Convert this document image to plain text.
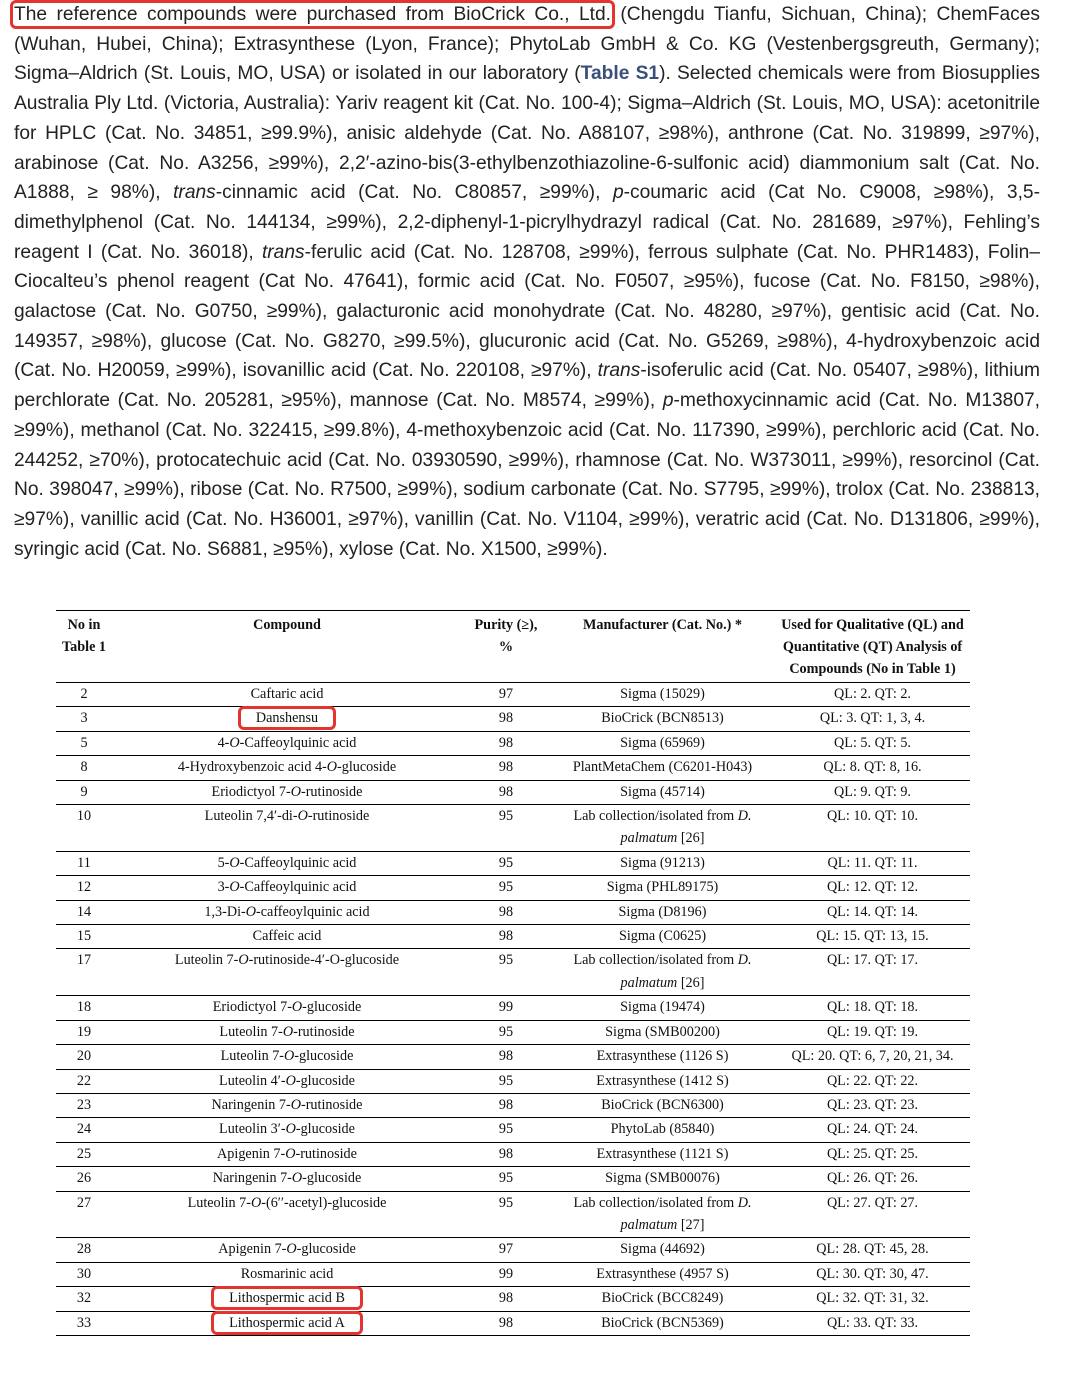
The reference compounds were purchased from BioCrick Co., Ltd. (Chengdu Tianfu, Sichuan, China); ChemFaces (Wuhan, Hubei, China); Extrasynthese (Lyon, France); PhytoLab GmbH & Co. KG (Vestenbergsgreuth, Germany); Sigma–Aldrich (St. Louis, MO, USA) or isolated in our laboratory (Table S1). Selected chemicals were from Biosupplies Australia Ply Ltd. (Victoria, Australia): Yariv reagent kit (Cat. No. 100-4); Sigma–Aldrich (St. Louis, MO, USA): acetonitrile for HPLC (Cat. No. 34851, ≥99.9%), anisic aldehyde (Cat. No. A88107, ≥98%), anthrone (Cat. No. 319899, ≥97%), arabinose (Cat. No. A3256, ≥99%), 2,2′-azino-bis(3-ethylbenzothiazoline-6-sulfonic acid) diammonium salt (Cat. No. A1888, ≥ 98%), trans-cinnamic acid (Cat. No. C80857, ≥99%), p-coumaric acid (Cat No. C9008, ≥98%), 3,5-dimethylphenol (Cat. No. 144134, ≥99%), 2,2-diphenyl-1-picrylhydrazyl radical (Cat. No. 281689, ≥97%), Fehling’s reagent I (Cat. No. 36018), trans-ferulic acid (Cat. No. 128708, ≥99%), ferrous sulphate (Cat. No. PHR1483), Folin–Ciocalteu’s phenol reagent (Cat No. 47641), formic acid (Cat. No. F0507, ≥95%), fucose (Cat. No. F8150, ≥98%), galactose (Cat. No. G0750, ≥99%), galacturonic acid monohydrate (Cat. No. 48280, ≥97%), gentisic acid (Cat. No. 149357, ≥98%), glucose (Cat. No. G8270, ≥99.5%), glucuronic acid (Cat. No. G5269, ≥98%), 4-hydroxybenzoic acid (Cat. No. H20059, ≥99%), isovanillic acid (Cat. No. 220108, ≥97%), trans-isoferulic acid (Cat. No. 05407, ≥98%), lithium perchlorate (Cat. No. 205281, ≥95%), mannose (Cat. No. M8574, ≥99%), p-methoxycinnamic acid (Cat. No. M13807, ≥99%), methanol (Cat. No. 322415, ≥99.8%), 4-methoxybenzoic acid (Cat. No. 117390, ≥99%), perchloric acid (Cat. No. 244252, ≥70%), protocatechuic acid (Cat. No. 03930590, ≥99%), rhamnose (Cat. No. W373011, ≥99%), resorcinol (Cat. No. 398047, ≥99%), ribose (Cat. No. R7500, ≥99%), sodium carbonate (Cat. No. S7795, ≥99%), trolox (Cat. No. 238813, ≥97%), vanillic acid (Cat. No. H36001, ≥97%), vanillin (Cat. No. V1104, ≥99%), veratric acid (Cat. No. D131806, ≥99%), syringic acid (Cat. No. S6881, ≥95%), xylose (Cat. No. X1500, ≥99%).

No in Table 1	Compound	Purity (≥), %	Manufacturer (Cat. No.) *	Used for Qualitative (QL) and Quantitative (QT) Analysis of Compounds (No in Table 1)
2	Caftaric acid	97	Sigma (15029)	QL: 2. QT: 2.
3	Danshensu	98	BioCrick (BCN8513)	QL: 3. QT: 1, 3, 4.
5	4-O-Caffeoylquinic acid	98	Sigma (65969)	QL: 5. QT: 5.
8	4-Hydroxybenzoic acid 4-O-glucoside	98	PlantMetaChem (C6201-H043)	QL: 8. QT: 8, 16.
9	Eriodictyol 7-O-rutinoside	98	Sigma (45714)	QL: 9. QT: 9.
10	Luteolin 7,4′-di-O-rutinoside	95	Lab collection/isolated from D. palmatum [26]	QL: 10. QT: 10.
11	5-O-Caffeoylquinic acid	95	Sigma (91213)	QL: 11. QT: 11.
12	3-O-Caffeoylquinic acid	95	Sigma (PHL89175)	QL: 12. QT: 12.
14	1,3-Di-O-caffeoylquinic acid	98	Sigma (D8196)	QL: 14. QT: 14.
15	Caffeic acid	98	Sigma (C0625)	QL: 15. QT: 13, 15.
17	Luteolin 7-O-rutinoside-4′-O-glucoside	95	Lab collection/isolated from D. palmatum [26]	QL: 17. QT: 17.
18	Eriodictyol 7-O-glucoside	99	Sigma (19474)	QL: 18. QT: 18.
19	Luteolin 7-O-rutinoside	95	Sigma (SMB00200)	QL: 19. QT: 19.
20	Luteolin 7-O-glucoside	98	Extrasynthese (1126 S)	QL: 20. QT: 6, 7, 20, 21, 34.
22	Luteolin 4′-O-glucoside	95	Extrasynthese (1412 S)	QL: 22. QT: 22.
23	Naringenin 7-O-rutinoside	98	BioCrick (BCN6300)	QL: 23. QT: 23.
24	Luteolin 3′-O-glucoside	95	PhytoLab (85840)	QL: 24. QT: 24.
25	Apigenin 7-O-rutinoside	98	Extrasynthese (1121 S)	QL: 25. QT: 25.
26	Naringenin 7-O-glucoside	95	Sigma (SMB00076)	QL: 26. QT: 26.
27	Luteolin 7-O-(6′′-acetyl)-glucoside	95	Lab collection/isolated from D. palmatum [27]	QL: 27. QT: 27.
28	Apigenin 7-O-glucoside	97	Sigma (44692)	QL: 28. QT: 45, 28.
30	Rosmarinic acid	99	Extrasynthese (4957 S)	QL: 30. QT: 30, 47.
32	Lithospermic acid B	98	BioCrick (BCC8249)	QL: 32. QT: 31, 32.
33	Lithospermic acid A	98	BioCrick (BCN5369)	QL: 33. QT: 33.
